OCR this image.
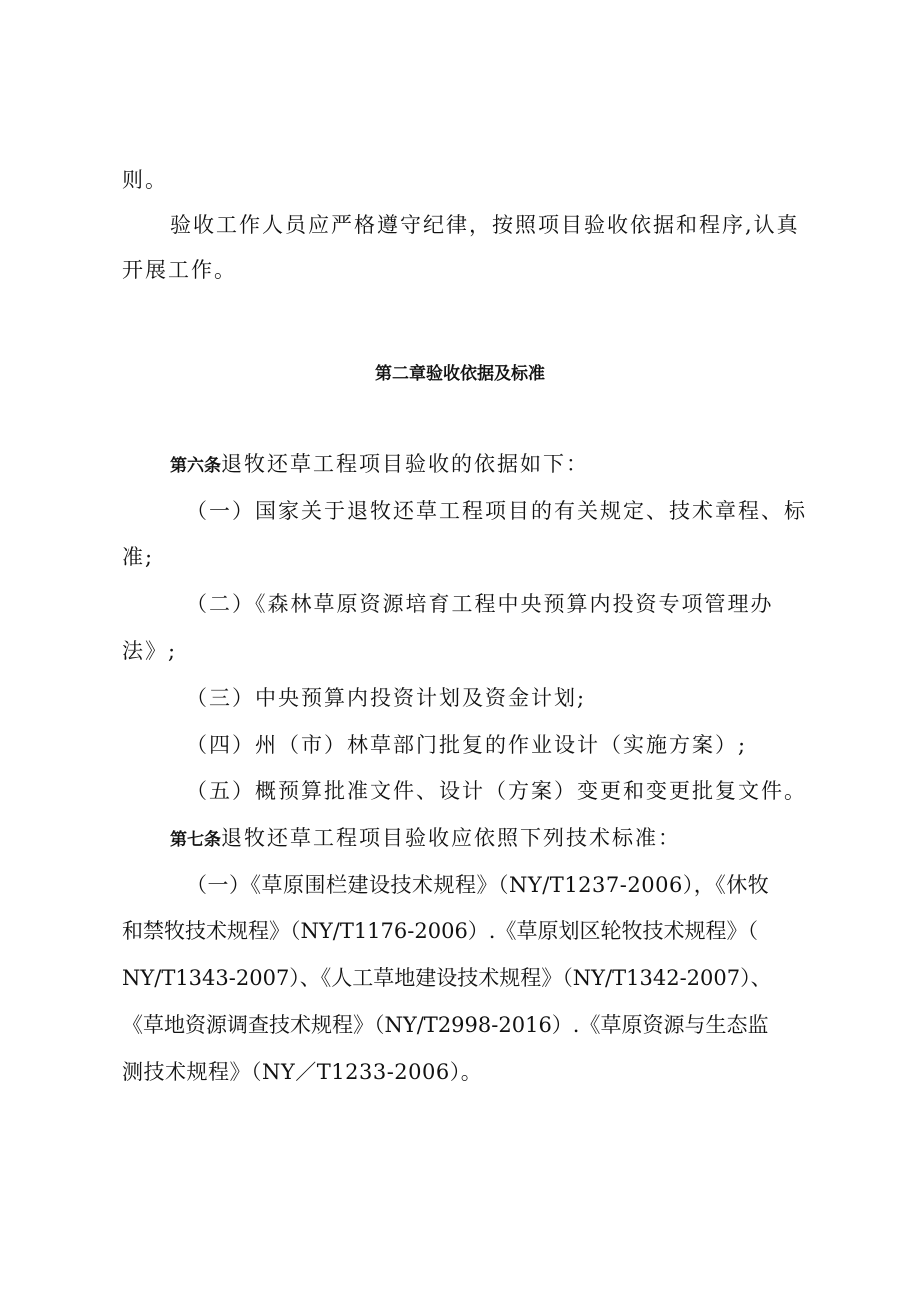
则。
验收工作人员应严格遵守纪律，按照项目验收依据和程序,认真
开展工作。
第二章验收依据及标准
第六条退牧还草工程项目验收的依据如下：
（一）国家关于退牧还草工程项目的有关规定、技术章程、标
准;
（二）《森林草原资源培育工程中央预算内投资专项管理办
法》;
（三）中央预算内投资计划及资金计划;
（四）州（市）林草部门批复的作业设计（实施方案）;
（五）概预算批准文件、设计（方案）变更和变更批复文件。
第七条退牧还草工程项目验收应依照下列技术标准：
（一）《草原围栏建设技术规程》（NY/T1237-2006），《休牧
和禁牧技术规程》（NY/T1176-2006）.《草原划区轮牧技术规程》（
NY/T1343-2007）、《人工草地建设技术规程》（NY/T1342-2007）、
《草地资源调查技术规程》（NY/T2998-2016）.《草原资源与生态监
测技术规程》（NY／T1233-2006）。
